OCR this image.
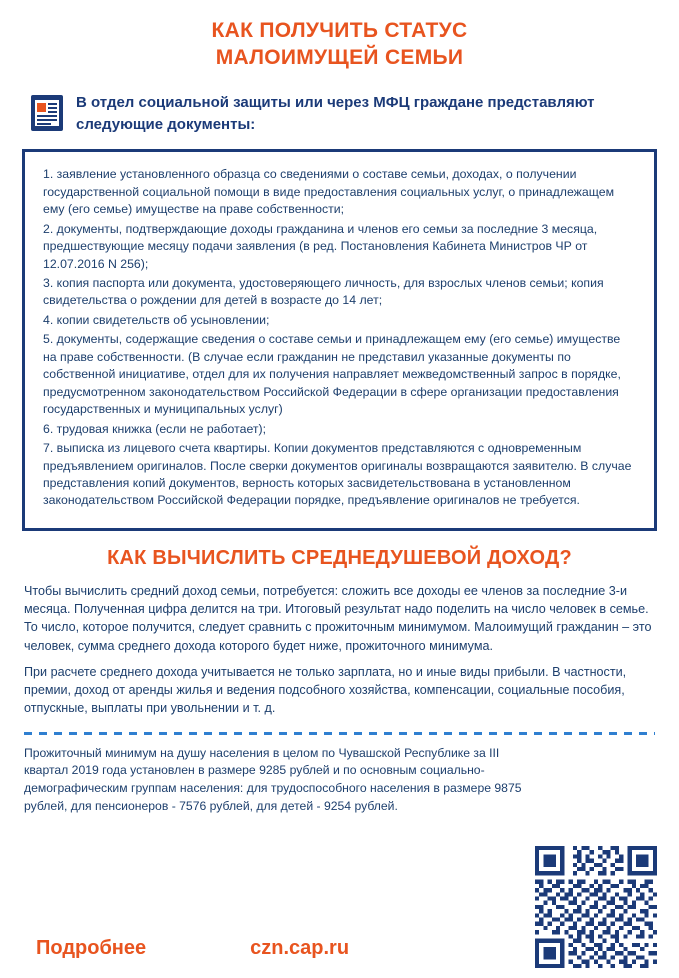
КАК ПОЛУЧИТЬ СТАТУС
МАЛОИМУЩЕЙ СЕМЬИ
В отдел социальной защиты или через МФЦ граждане представляют следующие документы:
1. заявление установленного образца со сведениями о составе семьи, доходах, о получении государственной социальной помощи в виде предоставления социальных услуг, о принадлежащем ему (его семье) имуществе на праве собственности;
2. документы, подтверждающие доходы гражданина и членов его семьи за последние 3 месяца, предшествующие месяцу подачи заявления (в ред. Постановления Кабинета Министров ЧР от 12.07.2016 N 256);
3. копия паспорта или документа, удостоверяющего личность, для взрослых членов семьи; копия свидетельства о рождении для детей в возрасте до 14 лет;
4. копии свидетельств об усыновлении;
5. документы, содержащие сведения о составе семьи и принадлежащем ему (его семье) имуществе на праве собственности. (В случае если гражданин не представил указанные документы по собственной инициативе, отдел для их получения направляет межведомственный запрос в порядке, предусмотренном законодательством Российской Федерации в сфере организации предоставления государственных и муниципальных услуг)
6. трудовая книжка (если не работает);
7. выписка из лицевого счета квартиры. Копии документов представляются с одновременным предъявлением оригиналов. После сверки документов оригиналы возвращаются заявителю. В случае представления копий документов, верность которых засвидетельствована в установленном законодательством Российской Федерации порядке, предъявление оригиналов не требуется.
КАК ВЫЧИСЛИТЬ СРЕДНЕДУШЕВОЙ ДОХОД?

Чтобы вычислить средний доход семьи, потребуется: сложить все доходы ее членов за последние 3-и месяца. Полученная цифра делится на три. Итоговый результат надо поделить на число человек в семье. То число, которое получится, следует сравнить с прожиточным минимумом. Малоимущий гражданин – это человек, сумма среднего дохода которого будет ниже, прожиточного минимума.

При расчете среднего дохода учитывается не только зарплата, но и иные виды прибыли. В частности, премии, доход от аренды жилья и ведения подсобного хозяйства, компенсации, социальные пособия, отпускные, выплаты при увольнении и т. д.

Прожиточный минимум на душу населения в целом по Чувашской Республике за III квартал 2019 года установлен в размере 9285 рублей и по основным социально-демографическим группам населения: для трудоспособного населения в размере 9875 рублей, для пенсионеров - 7576 рублей, для детей - 9254 рублей.

Подробнее	czn.cap.ru
